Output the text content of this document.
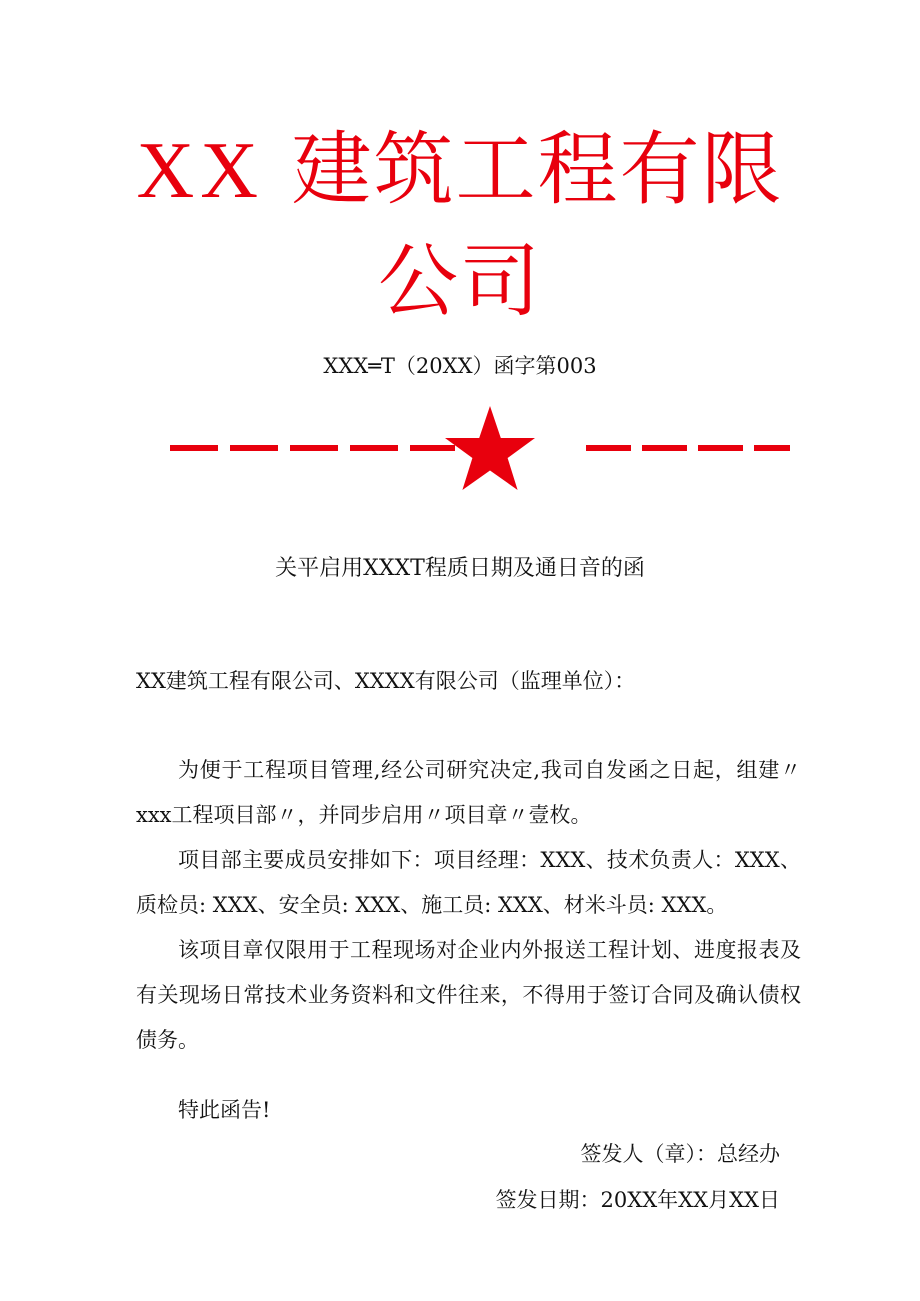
XX 建筑工程有限
公司
XXX═T（20XX）函字第003
关平启用XXXT程质日期及通日音的函
XX建筑工程有限公司、XXXX有限公司（监理单位）：

为便于工程项目管理,经公司研究决定,我司自发函之日起，组建〃xxx工程项目部〃，并同步启用〃项目章〃壹枚。

项目部主要成员安排如下：项目经理：XXX、技术负责人：XXX、质检员: XXX、安全员: XXX、施工员: XXX、材米斗员: XXX。

该项目章仅限用于工程现场对企业内外报送工程计划、进度报表及有关现场日常技术业务资料和文件往来，不得用于签订合同及确认债权债务。

特此函告!
签发人（章）：总经办
签发日期：20XX年XX月XX日
